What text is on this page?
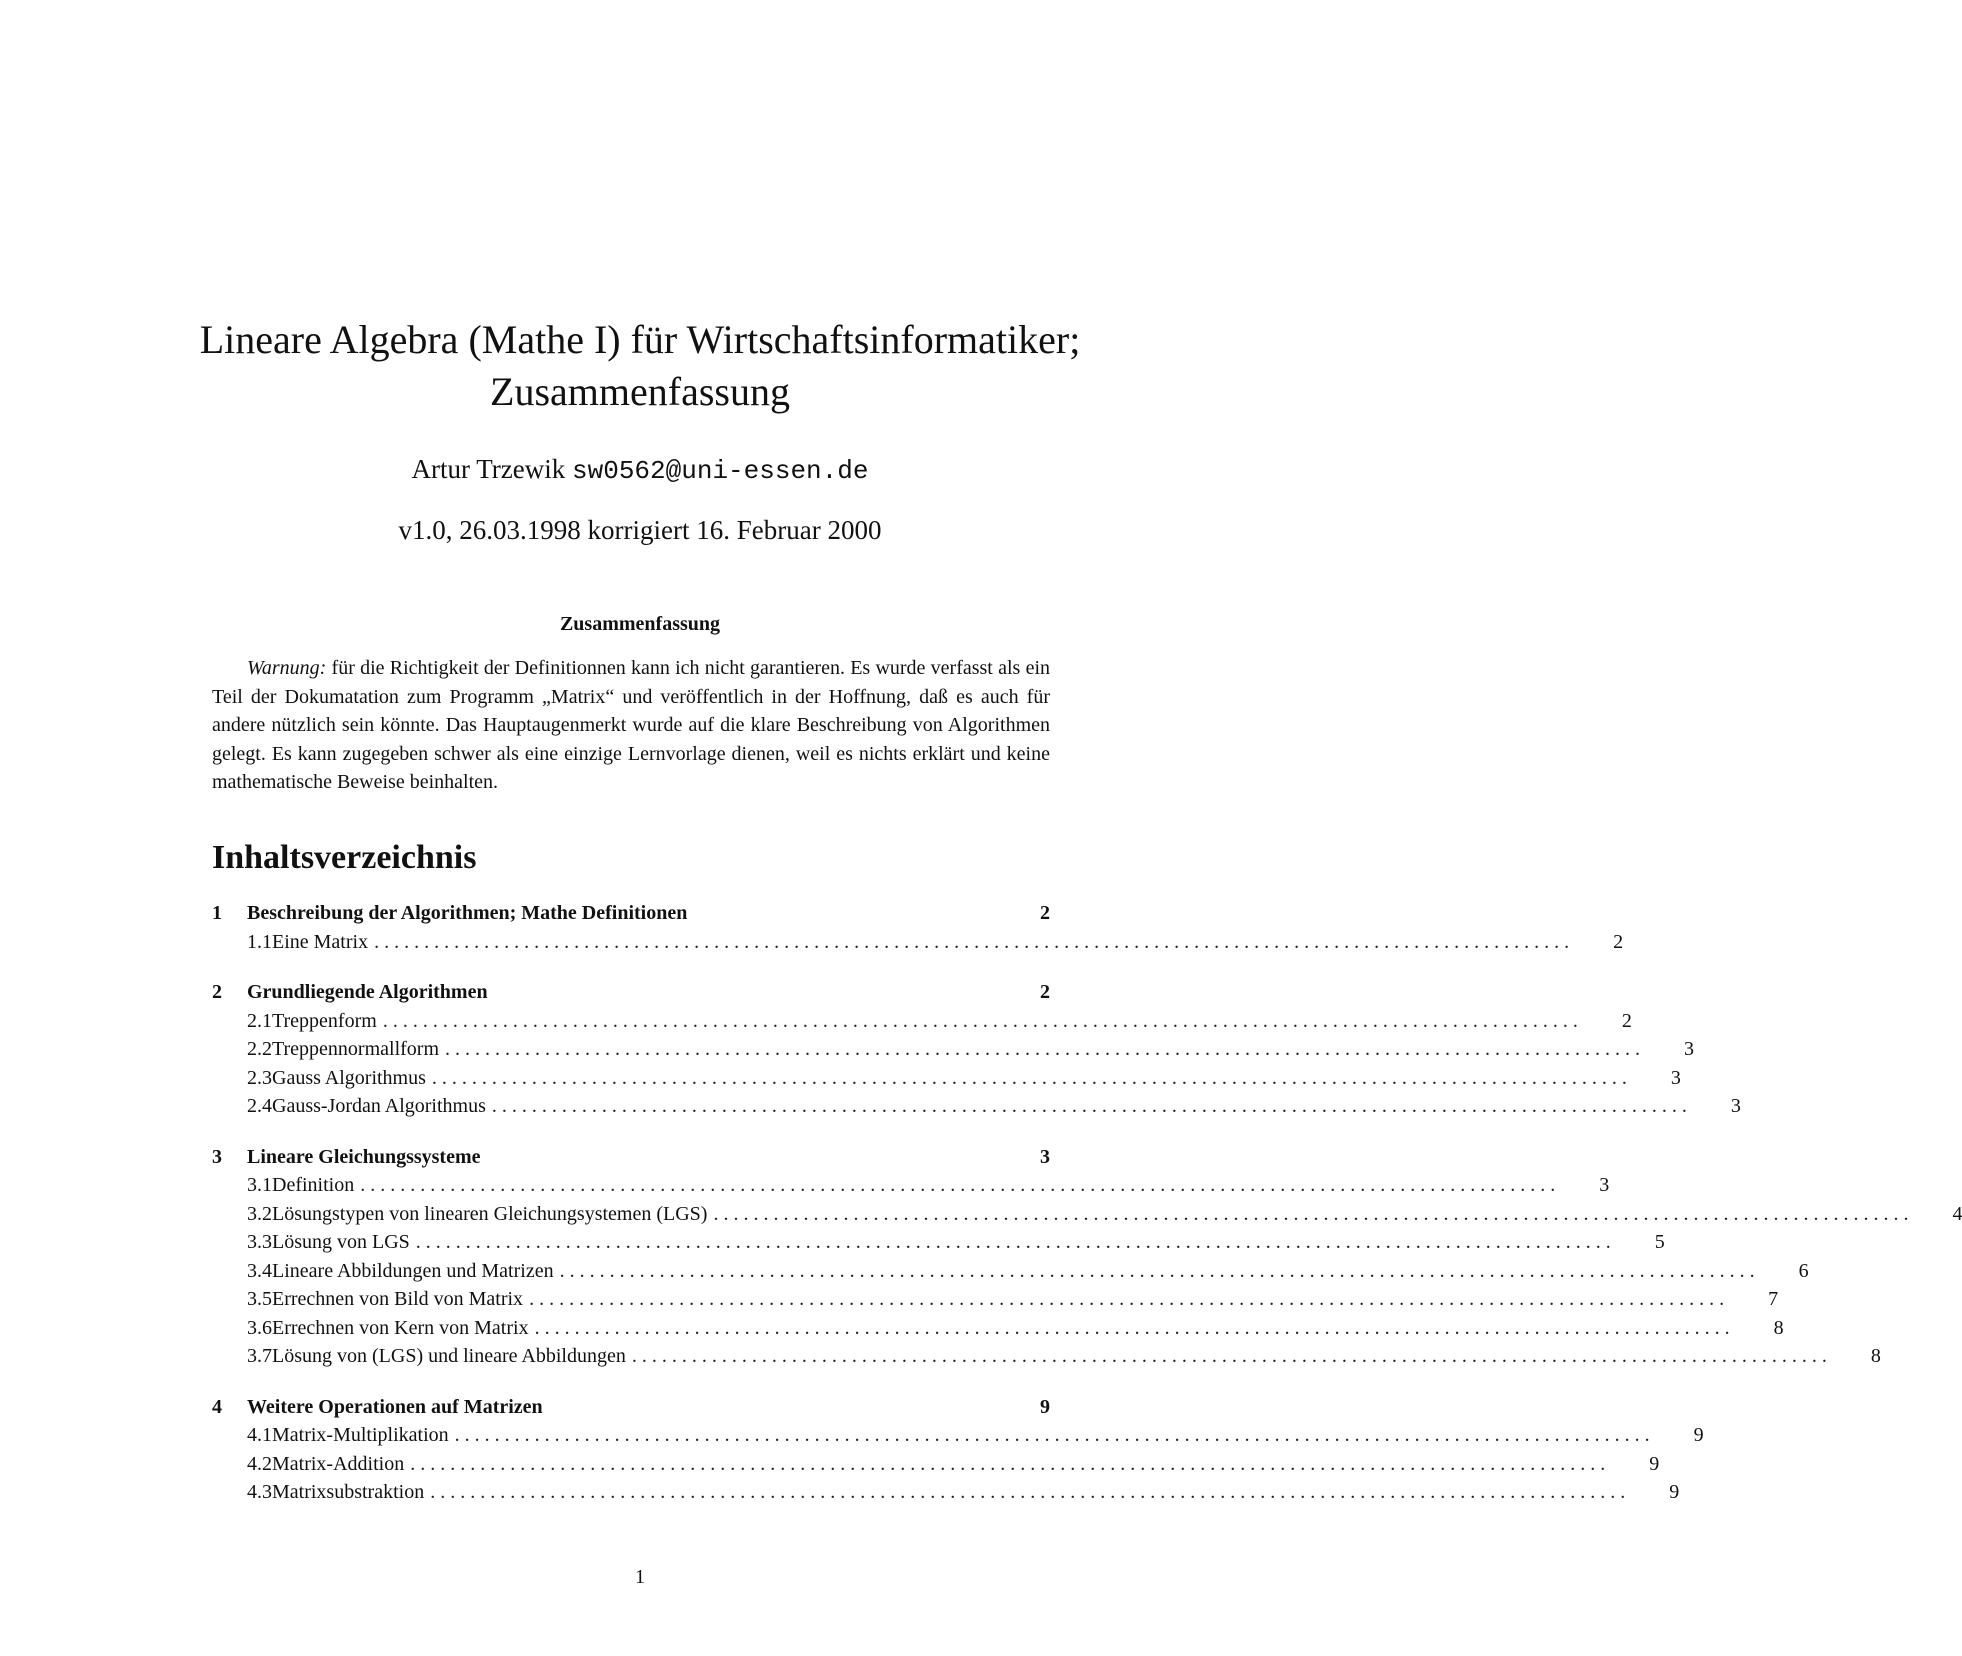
Lineare Algebra (Mathe I) für Wirtschaftsinformatiker;
Zusammenfassung
Artur Trzewik sw0562@uni-essen.de
v1.0, 26.03.1998 korrigiert 16. Februar 2000
Zusammenfassung

Warnung: für die Richtigkeit der Definitionnen kann ich nicht garantieren. Es wurde verfasst als ein Teil der Dokumatation zum Programm „Matrix“ und veröffentlich in der Hoffnung, daß es auch für andere nützlich sein könnte. Das Hauptaugenmerkt wurde auf die klare Beschreibung von Algorithmen gelegt. Es kann zugegeben schwer als eine einzige Lernvorlage dienen, weil es nichts erklärt und keine mathematische Beweise beinhalten.

Inhaltsverzeichnis
1	Beschreibung der Algorithmen; Mathe Definitionen	2
1.1 Eine Matrix . . . . . . . . . . . . . . . . . . . . . . . . . . . . . . . . . . . . . . . . . . . . . . . . . . . . . . . . . . . . . . . . . . . . . . . . . . . . . . . . . . . . . . . . . . . . . . . . . . . . . . . . . . . . . . . . . . . . . . . . 2
2	Grundliegende Algorithmen	2
2.1 Treppenform . . . . . . . . . . . . . . . . . . . . . . . . . . . . . . . . . . . . . . . . . . . . . . . . . . . . . . . . . . . . . . . . . . . . . . . . . . . . . . . . . . . . . . . . . . . . . . . . . . . . . . . . . . . . . . . . . . . . . . . . 2
2.2 Treppennormallform . . . . . . . . . . . . . . . . . . . . . . . . . . . . . . . . . . . . . . . . . . . . . . . . . . . . . . . . . . . . . . . . . . . . . . . . . . . . . . . . . . . . . . . . . . . . . . . . . . . . . . . . . . . . . . . . . . . . . . . . 3
2.3 Gauss Algorithmus . . . . . . . . . . . . . . . . . . . . . . . . . . . . . . . . . . . . . . . . . . . . . . . . . . . . . . . . . . . . . . . . . . . . . . . . . . . . . . . . . . . . . . . . . . . . . . . . . . . . . . . . . . . . . . . . . . . . . . . . 3
2.4 Gauss-Jordan Algorithmus . . . . . . . . . . . . . . . . . . . . . . . . . . . . . . . . . . . . . . . . . . . . . . . . . . . . . . . . . . . . . . . . . . . . . . . . . . . . . . . . . . . . . . . . . . . . . . . . . . . . . . . . . . . . . . . . . . . . . . . . 3
3	Lineare Gleichungssysteme	3
3.1 Definition . . . . . . . . . . . . . . . . . . . . . . . . . . . . . . . . . . . . . . . . . . . . . . . . . . . . . . . . . . . . . . . . . . . . . . . . . . . . . . . . . . . . . . . . . . . . . . . . . . . . . . . . . . . . . . . . . . . . . . . . 3
3.2 Lösungstypen von linearen Gleichungsystemen (LGS) . . . . . . . . . . . . . . . . . . . . . . . . . . . . . . . . . . . . . . . . . . . . . . . . . . . . . . . . . . . . . . . . . . . . . . . . . . . . . . . . . . . . . . . . . . . . . . . . . . . . . . . . . . . . . . . . . . . . . . . . 4
3.3 Lösung von LGS . . . . . . . . . . . . . . . . . . . . . . . . . . . . . . . . . . . . . . . . . . . . . . . . . . . . . . . . . . . . . . . . . . . . . . . . . . . . . . . . . . . . . . . . . . . . . . . . . . . . . . . . . . . . . . . . . . . . . . . . 5
3.4 Lineare Abbildungen und Matrizen . . . . . . . . . . . . . . . . . . . . . . . . . . . . . . . . . . . . . . . . . . . . . . . . . . . . . . . . . . . . . . . . . . . . . . . . . . . . . . . . . . . . . . . . . . . . . . . . . . . . . . . . . . . . . . . . . . . . . . . . 6
3.5 Errechnen von Bild von Matrix . . . . . . . . . . . . . . . . . . . . . . . . . . . . . . . . . . . . . . . . . . . . . . . . . . . . . . . . . . . . . . . . . . . . . . . . . . . . . . . . . . . . . . . . . . . . . . . . . . . . . . . . . . . . . . . . . . . . . . . . 7
3.6 Errechnen von Kern von Matrix . . . . . . . . . . . . . . . . . . . . . . . . . . . . . . . . . . . . . . . . . . . . . . . . . . . . . . . . . . . . . . . . . . . . . . . . . . . . . . . . . . . . . . . . . . . . . . . . . . . . . . . . . . . . . . . . . . . . . . . . 8
3.7 Lösung von (LGS) und lineare Abbildungen . . . . . . . . . . . . . . . . . . . . . . . . . . . . . . . . . . . . . . . . . . . . . . . . . . . . . . . . . . . . . . . . . . . . . . . . . . . . . . . . . . . . . . . . . . . . . . . . . . . . . . . . . . . . . . . . . . . . . . . . 8
4	Weitere Operationen auf Matrizen	9
4.1 Matrix-Multiplikation . . . . . . . . . . . . . . . . . . . . . . . . . . . . . . . . . . . . . . . . . . . . . . . . . . . . . . . . . . . . . . . . . . . . . . . . . . . . . . . . . . . . . . . . . . . . . . . . . . . . . . . . . . . . . . . . . . . . . . . . 9
4.2 Matrix-Addition . . . . . . . . . . . . . . . . . . . . . . . . . . . . . . . . . . . . . . . . . . . . . . . . . . . . . . . . . . . . . . . . . . . . . . . . . . . . . . . . . . . . . . . . . . . . . . . . . . . . . . . . . . . . . . . . . . . . . . . . 9
4.3 Matrixsubstraktion . . . . . . . . . . . . . . . . . . . . . . . . . . . . . . . . . . . . . . . . . . . . . . . . . . . . . . . . . . . . . . . . . . . . . . . . . . . . . . . . . . . . . . . . . . . . . . . . . . . . . . . . . . . . . . . . . . . . . . . . 9
1
